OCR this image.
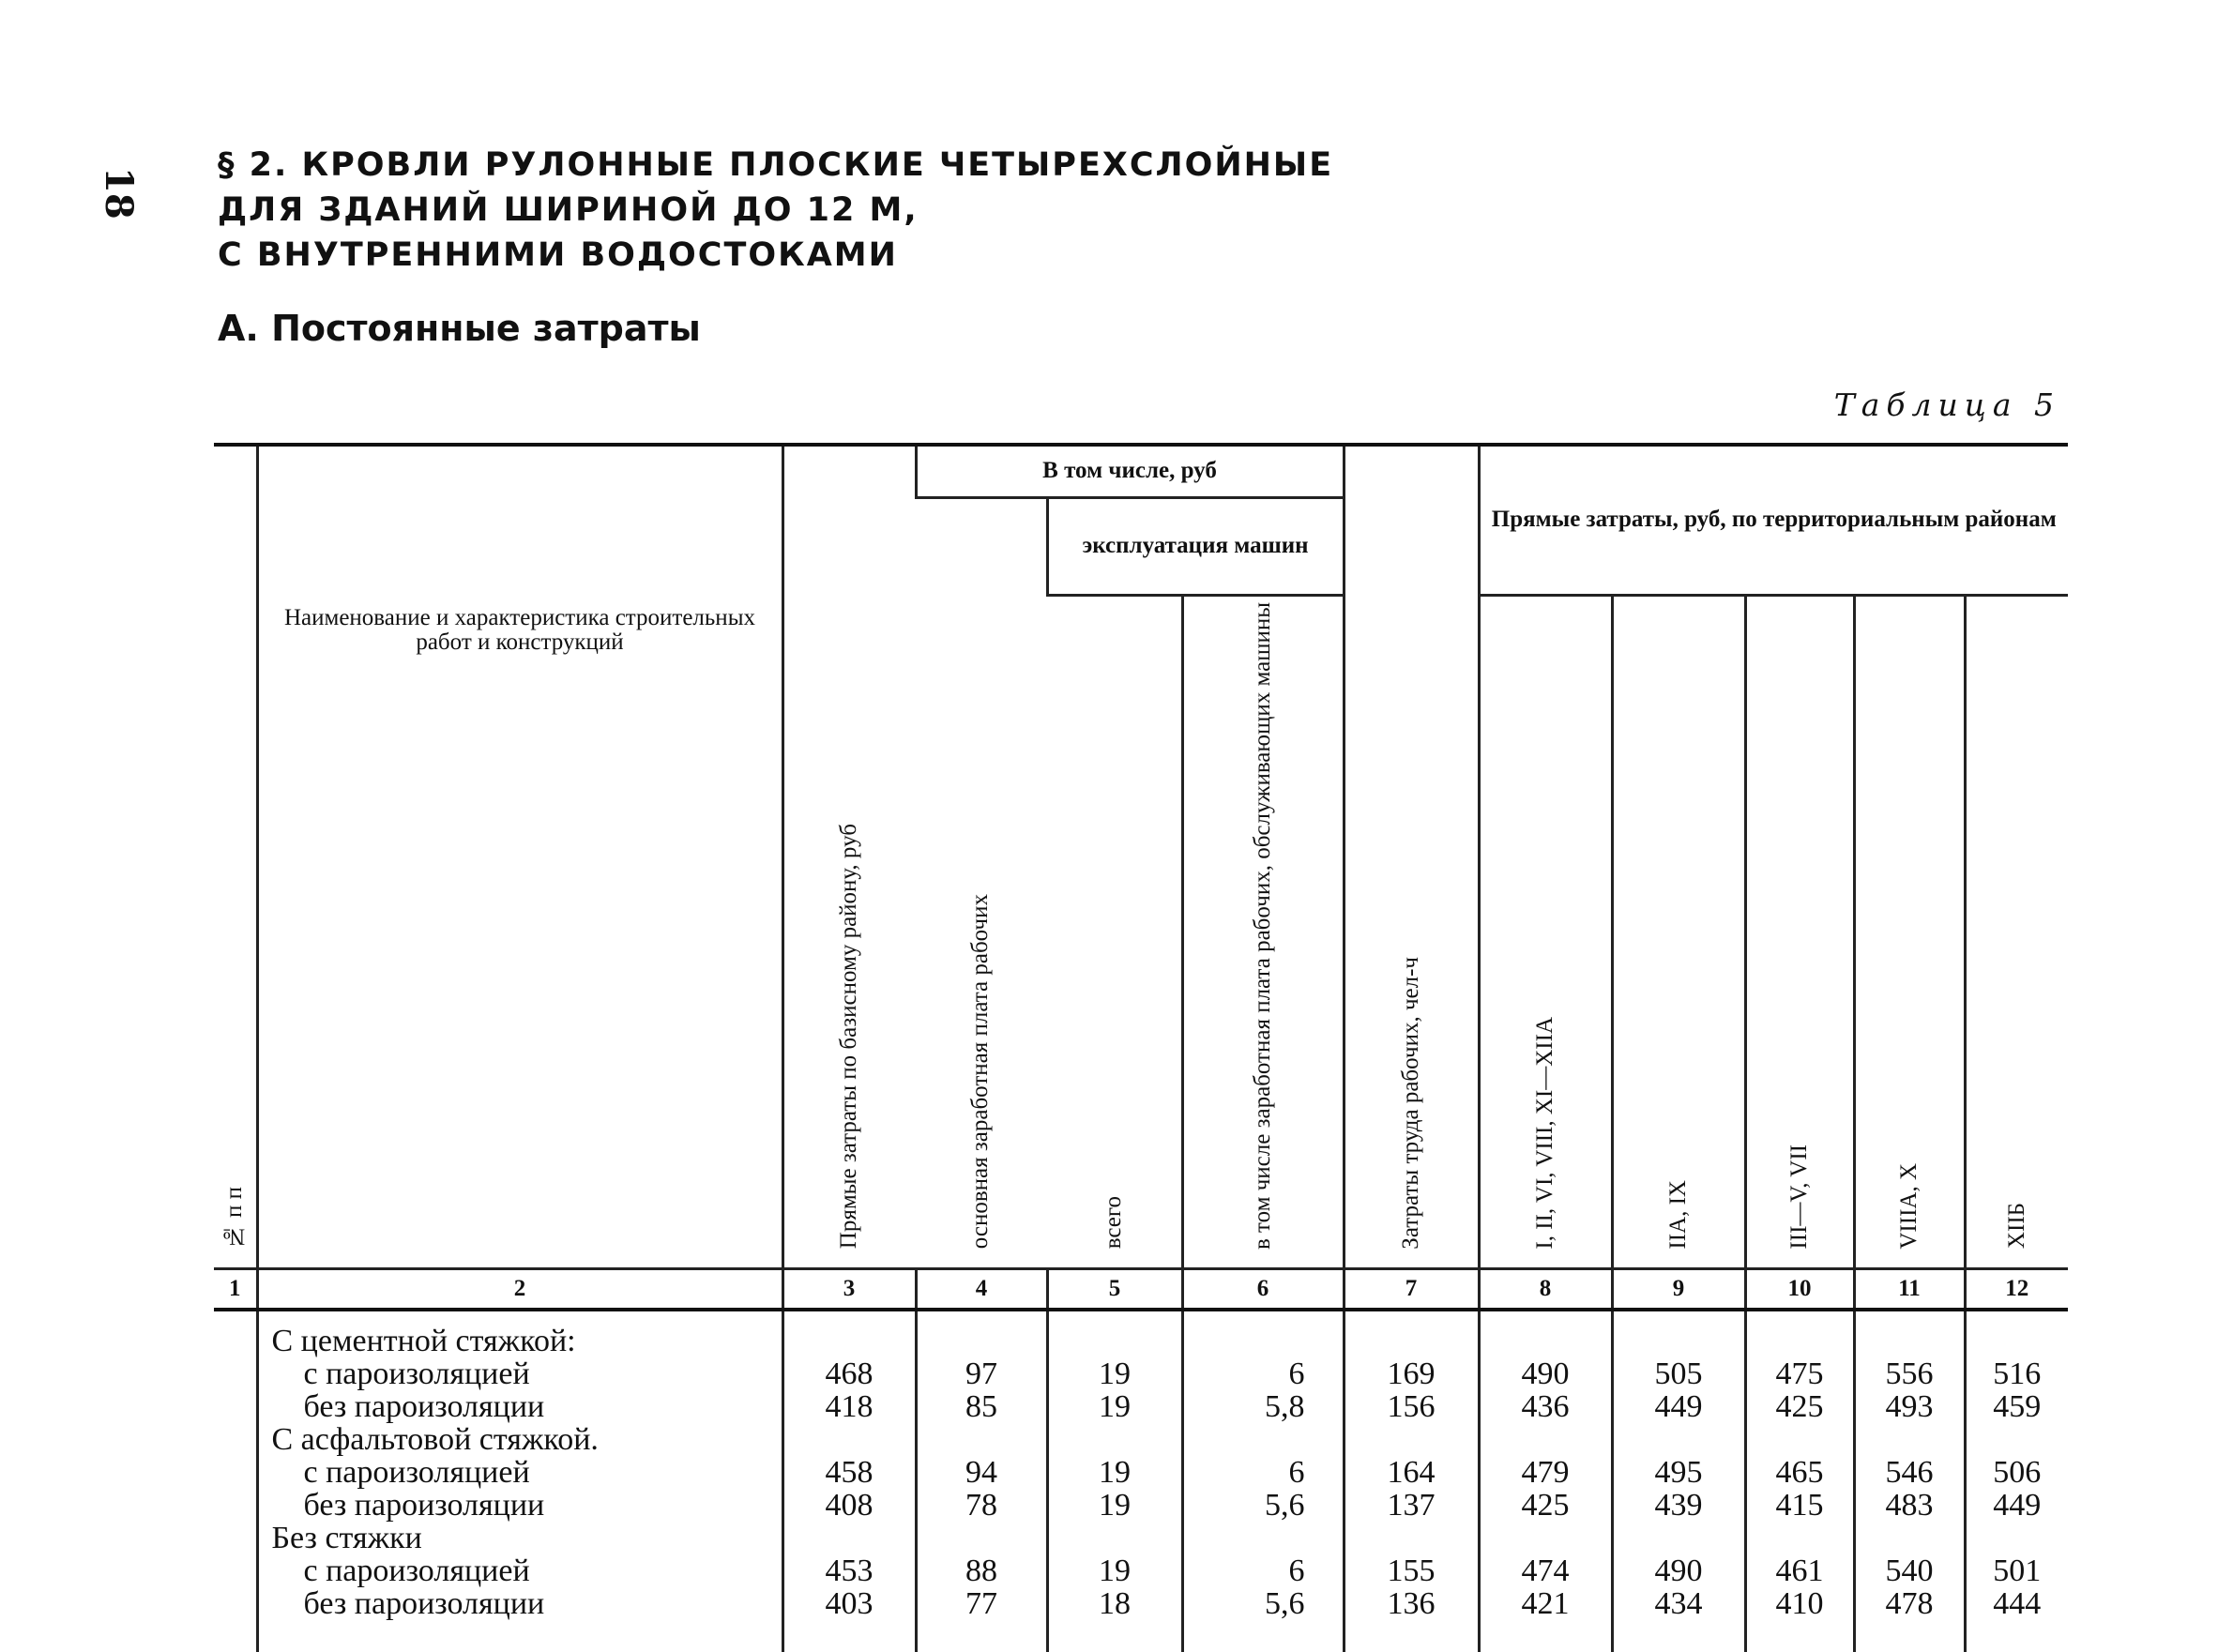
18
§ 2. КРОВЛИ РУЛОННЫЕ ПЛОСКИЕ ЧЕТЫРЕХСЛОЙНЫЕ
ДЛЯ ЗДАНИЙ ШИРИНОЙ ДО 12 М,
С ВНУТРЕННИМИ ВОДОСТОКАМИ
А. Постоянные затраты
Таблица 5
№ п п	Наименование и характеристика строительных работ и конструкций	Прямые затраты по базисному району, руб	В том числе, руб			Затраты труда рабочих, чел-ч	Прямые затраты, руб, по территориальным районам				
			основная заработная плата рабочих	эксплуатация машин							
				всего	в том числе заработная плата рабочих, обслуживающих машины		I, II, VI, VIII, XI—XIIA	IIA, IX	III—V, VII	VIIIA, X	XIIБ
1	2	3	4	5	6	7	8	9	10	11	12
	С цементной стяжкой:										
	с пароизоляцией	468	97	19	6	169	490	505	475	556	516
	без пароизоляции	418	85	19	5,8	156	436	449	425	493	459
	С асфальтовой стяжкой.										
	с пароизоляцией	458	94	19	6	164	479	495	465	546	506
	без пароизоляции	408	78	19	5,6	137	425	439	415	483	449
	Без стяжки										
	с пароизоляцией	453	88	19	6	155	474	490	461	540	501
	без пароизоляции	403	77	18	5,6	136	421	434	410	478	444
